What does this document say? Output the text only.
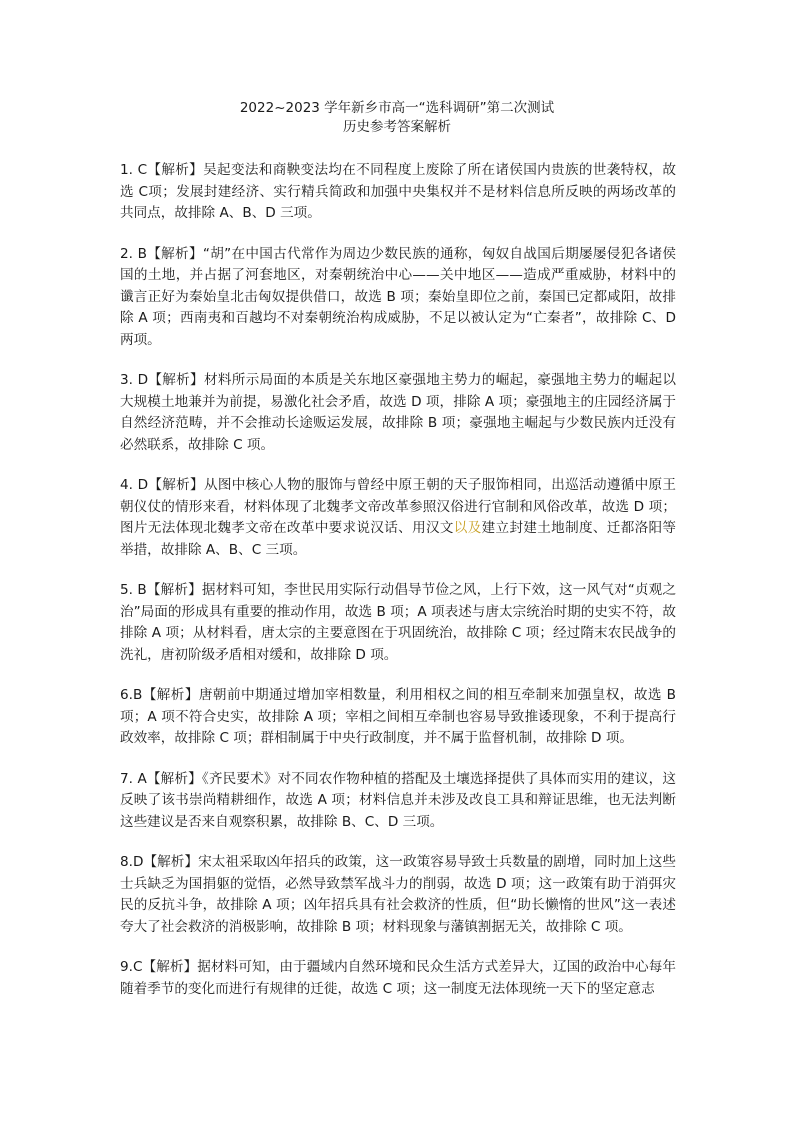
2022~2023 学年新乡市高一“选科调研”第二次测试
历史参考答案解析

1. C【解析】吴起变法和商鞅变法均在不同程度上废除了所在诸侯国内贵族的世袭特权，故选 C项；发展封建经济、实行精兵简政和加强中央集权并不是材料信息所反映的两场改革的共同点，故排除 A、B、D 三项。

2. B【解析】“胡”在中国古代常作为周边少数民族的通称，匈奴自战国后期屡屡侵犯各诸侯国的土地，并占据了河套地区，对秦朝统治中心——关中地区——造成严重威胁，材料中的谶言正好为秦始皇北击匈奴提供借口，故选 B 项；秦始皇即位之前，秦国已定都咸阳，故排除 A 项；西南夷和百越均不对秦朝统治构成威胁，不足以被认定为“亡秦者”，故排除 C、D 两项。

3. D【解析】材料所示局面的本质是关东地区豪强地主势力的崛起，豪强地主势力的崛起以大规模土地兼并为前提，易激化社会矛盾，故选 D 项，排除 A 项；豪强地主的庄园经济属于自然经济范畴，并不会推动长途贩运发展，故排除 B 项；豪强地主崛起与少数民族内迁没有必然联系，故排除 C 项。

4. D【解析】从图中核心人物的服饰与曾经中原王朝的天子服饰相同，出巡活动遵循中原王朝仪仗的情形来看，材料体现了北魏孝文帝改革参照汉俗进行官制和风俗改革，故选 D 项；图片无法体现北魏孝文帝在改革中要求说汉话、用汉文以及建立封建土地制度、迁都洛阳等举措，故排除 A、B、C 三项。

5. B【解析】据材料可知，李世民用实际行动倡导节俭之风，上行下效，这一风气对“贞观之治”局面的形成具有重要的推动作用，故选 B 项；A 项表述与唐太宗统治时期的史实不符，故排除 A 项；从材料看，唐太宗的主要意图在于巩固统治，故排除 C 项；经过隋末农民战争的洗礼，唐初阶级矛盾相对缓和，故排除 D 项。

6.B【解析】唐朝前中期通过增加宰相数量，利用相权之间的相互牵制来加强皇权，故选 B 项；A 项不符合史实，故排除 A 项；宰相之间相互牵制也容易导致推诿现象，不利于提高行政效率，故排除 C 项；群相制属于中央行政制度，并不属于监督机制，故排除 D 项。

7. A【解析】《齐民要术》对不同农作物种植的搭配及土壤选择提供了具体而实用的建议，这反映了该书崇尚精耕细作，故选 A 项；材料信息并未涉及改良工具和辩证思维，也无法判断这些建议是否来自观察积累，故排除 B、C、D 三项。

8.D【解析】宋太祖采取凶年招兵的政策，这一政策容易导致士兵数量的剧增，同时加上这些士兵缺乏为国捐躯的觉悟，必然导致禁军战斗力的削弱，故选 D 项；这一政策有助于消弭灾民的反抗斗争，故排除 A 项；凶年招兵具有社会救济的性质，但“助长懒惰的世风”这一表述夸大了社会救济的消极影响，故排除 B 项；材料现象与藩镇割据无关，故排除 C 项。

9.C【解析】据材料可知，由于疆域内自然环境和民众生活方式差异大，辽国的政治中心每年随着季节的变化而进行有规律的迁徙，故选 C 项；这一制度无法体现统一天下的坚定意志
